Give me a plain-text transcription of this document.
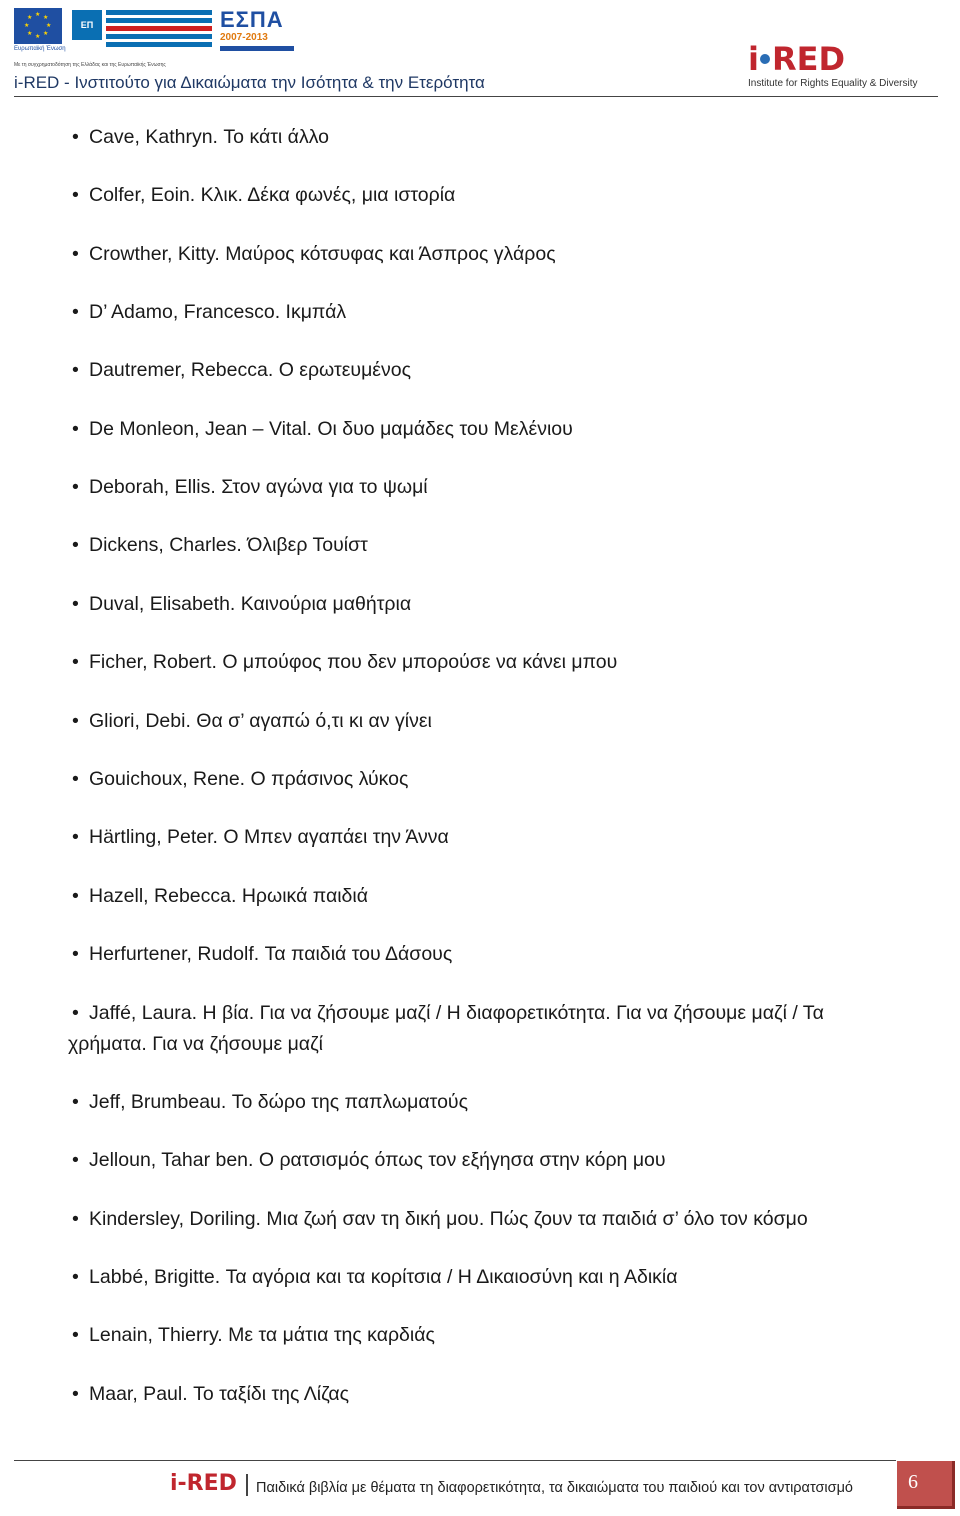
★ ★
★
★
★
★
★
★
Ευρωπαϊκή Ένωση
ΕΠ	ΕΣΠΑ
2007-2013
Με τη συγχρηματοδότηση της Ελλάδας και της Ευρωπαϊκής Ένωσης	i RED
Institute for Rights Equality & Diversity
i-RED - Ινστιτούτο για Δικαιώματα την Ισότητα & την Ετερότητα
• Cave, Kathryn. Το κάτι άλλο
• Colfer, Eoin. Κλικ. Δέκα φωνές, μια ιστορία
• Crowther, Kitty. Μαύρος κότσυφας και Άσπρος γλάρος
• D’ Adamo, Francesco. Ικμπάλ
• Dautremer, Rebecca. Ο ερωτευμένος
• De Monleon, Jean – Vital. Οι δυο μαμάδες του Μελένιου
• Deborah, Ellis. Στον αγώνα για το ψωμί
• Dickens, Charles. Όλιβερ Τουίστ
• Duval, Elisabeth. Καινούρια μαθήτρια
• Ficher, Robert. Ο μπούφος που δεν μπορούσε να κάνει μπου
• Gliori, Debi. Θα σ’ αγαπώ ό,τι κι αν γίνει
• Gouichoux, Rene. Ο πράσινος λύκος
• Härtling, Peter. Ο Μπεν αγαπάει την Άννα
• Hazell, Rebecca. Ηρωικά παιδιά
• Herfurtener, Rudolf. Τα παιδιά του Δάσους
• Jaffé, Laura. Η βία. Για να ζήσουμε μαζί / Η διαφορετικότητα. Για να ζήσουμε μαζί / Τα
χρήματα. Για να ζήσουμε μαζί
• Jeff, Brumbeau. Το δώρο της παπλωματούς
• Jelloun, Tahar ben. Ο ρατσισμός όπως τον εξήγησα στην κόρη μου
• Kindersley, Doriling. Μια ζωή σαν τη δική μου. Πώς ζουν τα παιδιά σ’ όλο τον κόσμο
• Labbé, Brigitte. Τα αγόρια και τα κορίτσια / Η Δικαιοσύνη και η Αδικία
• Lenain, Thierry. Με τα μάτια της καρδιάς
• Maar, Paul. Το ταξίδι της Λίζας
i-RED Παιδικά βιβλία με θέματα τη διαφορετικότητα, τα δικαιώματα του παιδιού και τον αντιρατσισμό	6
